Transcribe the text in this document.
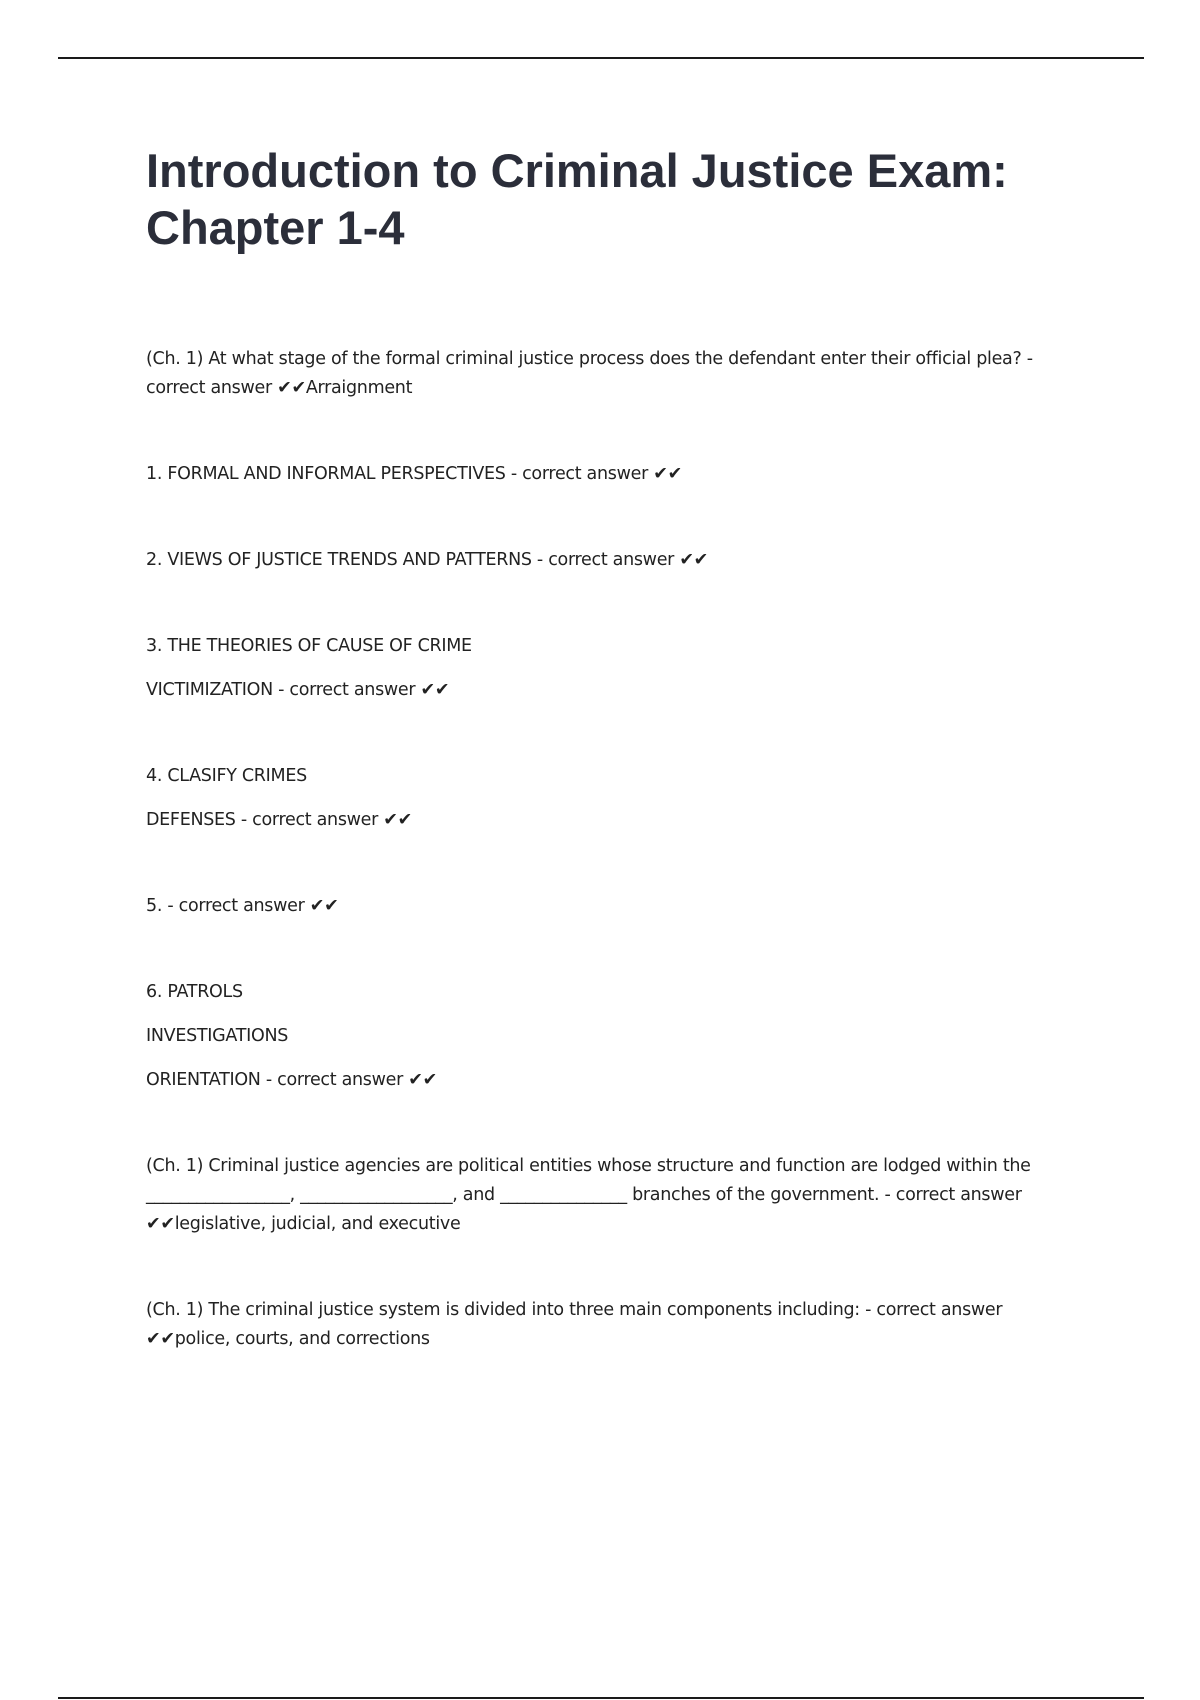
Introduction to Criminal Justice Exam: Chapter 1-4

(Ch. 1) At what stage of the formal criminal justice process does the defendant enter their official plea? - correct answer ✔✔Arraignment

1. FORMAL AND INFORMAL PERSPECTIVES - correct answer ✔✔

2. VIEWS OF JUSTICE TRENDS AND PATTERNS - correct answer ✔✔

3. THE THEORIES OF CAUSE OF CRIME

VICTIMIZATION - correct answer ✔✔

4. CLASIFY CRIMES

DEFENSES - correct answer ✔✔

5. - correct answer ✔✔

6. PATROLS

INVESTIGATIONS

ORIENTATION - correct answer ✔✔

(Ch. 1) Criminal justice agencies are political entities whose structure and function are lodged within the _________________, __________________, and _______________ branches of the government. - correct answer ✔✔legislative, judicial, and executive

(Ch. 1) The criminal justice system is divided into three main components including: - correct answer ✔✔police, courts, and corrections
